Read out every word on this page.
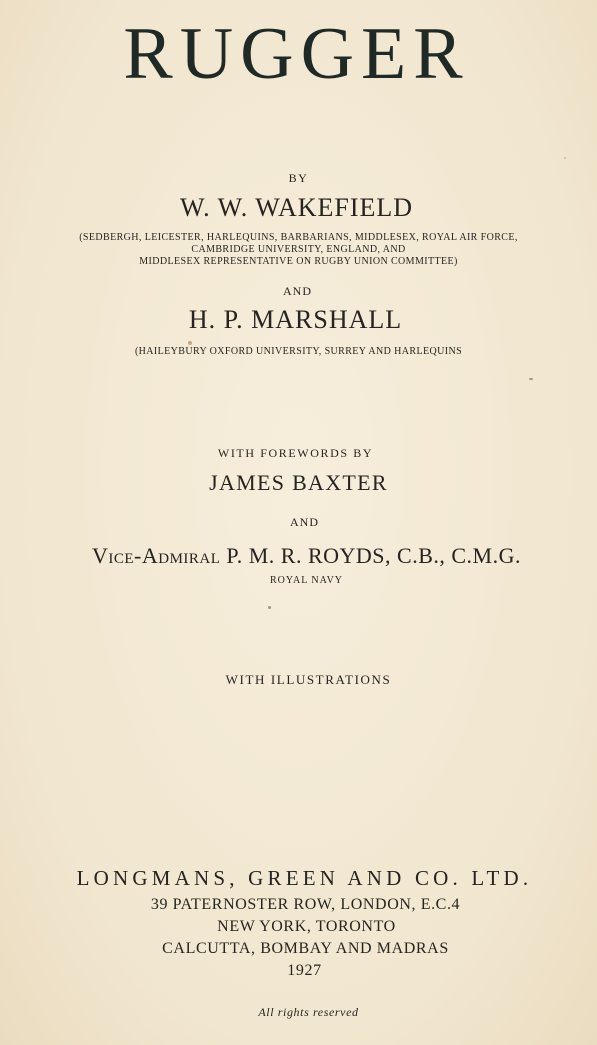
RUGGER
BY
W. W. WAKEFIELD
(SEDBERGH, LEICESTER, HARLEQUINS, BARBARIANS, MIDDLESEX, ROYAL AIR FORCE,
CAMBRIDGE UNIVERSITY, ENGLAND, AND
MIDDLESEX REPRESENTATIVE ON RUGBY UNION COMMITTEE)
AND
H. P. MARSHALL
(HAILEYBURY OXFORD UNIVERSITY, SURREY AND HARLEQUINS
WITH FOREWORDS BY
JAMES BAXTER
AND
Vice-Admiral P. M. R. ROYDS, C.B., C.M.G.
ROYAL NAVY
WITH ILLUSTRATIONS
LONGMANS, GREEN AND CO. LTD.
39 PATERNOSTER ROW, LONDON, E.C.4
NEW YORK, TORONTO
CALCUTTA, BOMBAY AND MADRAS
1927
All rights reserved
